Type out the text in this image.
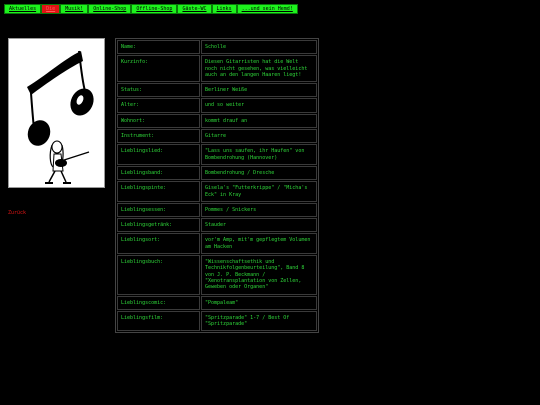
Aktuelles	Die	Musik!	Online-Shop	Offline-Shop	Gäste-WC	Links	...und sein Hemd!
Zurück
Name:	Scholle
Kurzinfo:	Diesen Gitarristen hat die Welt noch nicht gesehen, was vielleicht auch an den langen Haaren liegt!
Status:	Berliner Weiße
Alter:	und so weiter
Wohnort:	kommt drauf an
Instrument:	Gitarre
Lieblingslied:	"Lass uns saufen, ihr Haufen" von Bombendrohung (Hannover)
Lieblingsband:	Bombendrohung / Dresche
Lieblingspinte:	Gisela's "Futterkrippe" / "Micha's Eck" in Kray
Lieblingsessen:	Pommes / Snickers
Lieblingsgetränk:	Stauder
Lieblingsort:	vor'm Amp, mit'm gepflegtem Volumen am Hacken
Lieblingsbuch:	"Wissenschaftsethik und Technikfolgenbeurteilung", Band 8 von J. P. Beckmann / "Xenotransplantation von Zellen, Geweben oder Organen"
Lieblingscomic:	"Pompaleam"
Lieblingsfilm:	"Spritzparade" 1-7 / Best Of "Spritzparade"
